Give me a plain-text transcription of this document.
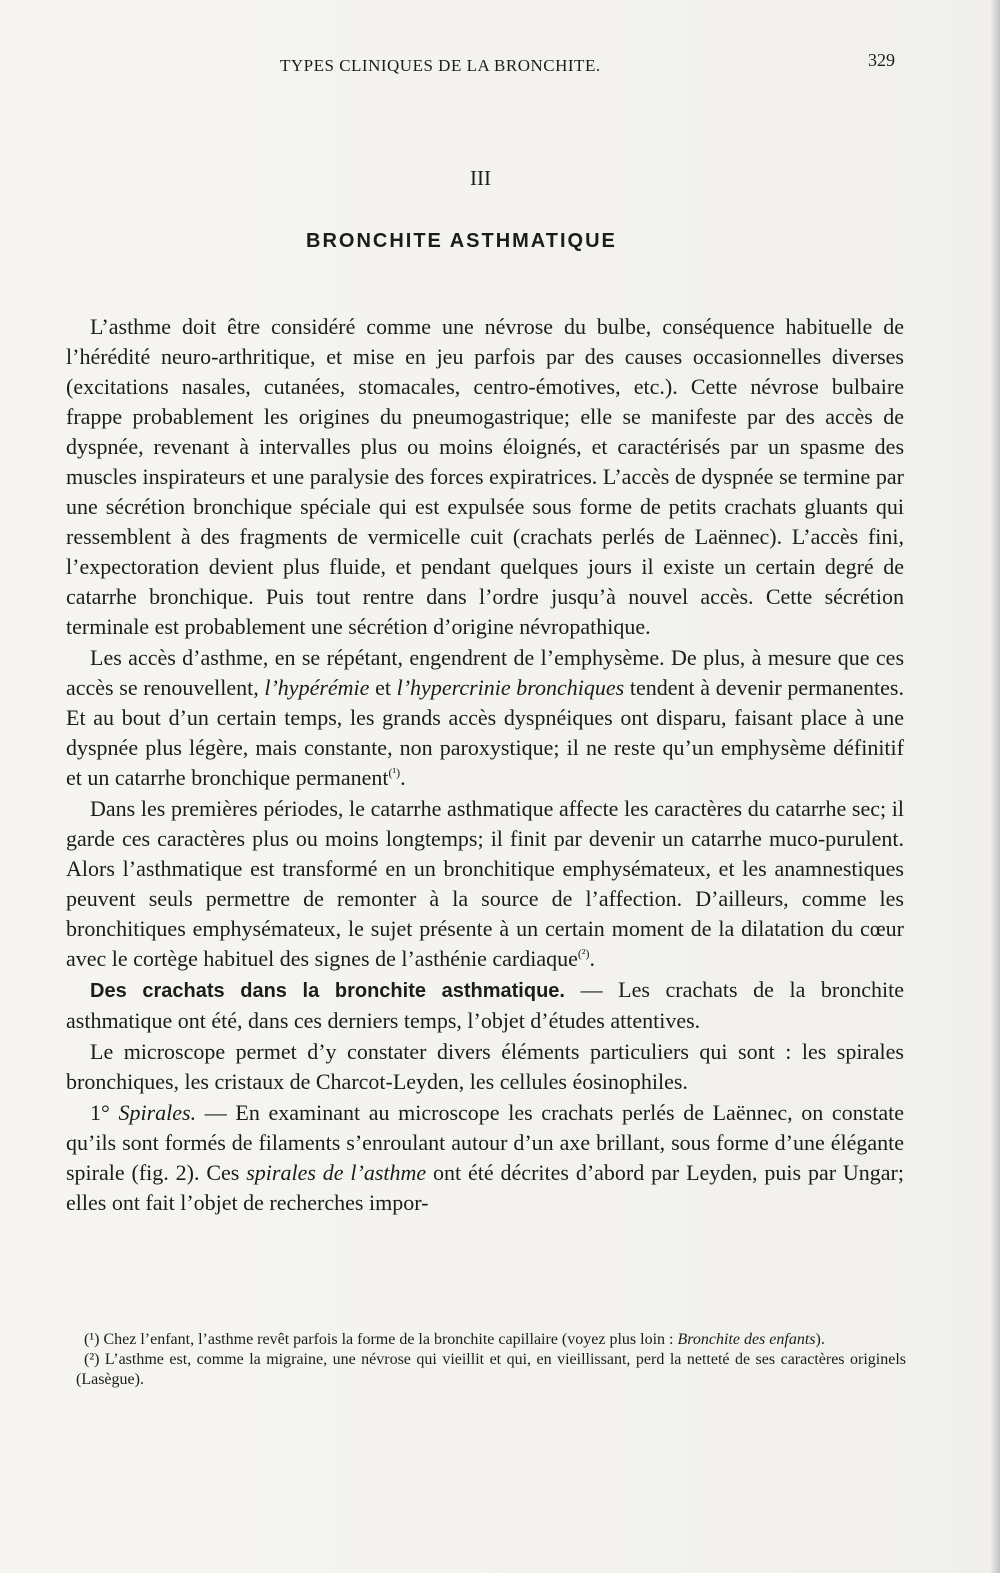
TYPES CLINIQUES DE LA BRONCHITE.	329
III
BRONCHITE ASTHMATIQUE

L’asthme doit être considéré comme une névrose du bulbe, conséquence habituelle de l’hérédité neuro-arthritique, et mise en jeu parfois par des causes occasionnelles diverses (excitations nasales, cutanées, stomacales, centro-émotives, etc.). Cette névrose bulbaire frappe probablement les origines du pneumogastrique; elle se manifeste par des accès de dyspnée, revenant à intervalles plus ou moins éloignés, et caractérisés par un spasme des muscles inspirateurs et une paralysie des forces expiratrices. L’accès de dyspnée se termine par une sécrétion bronchique spéciale qui est expulsée sous forme de petits crachats gluants qui ressemblent à des fragments de vermicelle cuit (crachats perlés de Laënnec). L’accès fini, l’expectoration devient plus fluide, et pendant quelques jours il existe un certain degré de catarrhe bronchique. Puis tout rentre dans l’ordre jusqu’à nouvel accès. Cette sécrétion terminale est probablement une sécrétion d’origine névropathique.

Les accès d’asthme, en se répétant, engendrent de l’emphysème. De plus, à mesure que ces accès se renouvellent, l’hypérémie et l’hypercrinie bronchiques tendent à devenir permanentes. Et au bout d’un certain temps, les grands accès dyspnéiques ont disparu, faisant place à une dyspnée plus légère, mais constante, non paroxystique; il ne reste qu’un emphysème définitif et un catarrhe bronchique permanent$^{(^1)}$.

Dans les premières périodes, le catarrhe asthmatique affecte les caractères du catarrhe sec; il garde ces caractères plus ou moins longtemps; il finit par devenir un catarrhe muco-purulent. Alors l’asthmatique est transformé en un bronchitique emphysémateux, et les anamnestiques peuvent seuls permettre de remonter à la source de l’affection. D’ailleurs, comme les bronchitiques emphysémateux, le sujet présente à un certain moment de la dilatation du cœur avec le cortège habituel des signes de l’asthénie cardiaque$^{(^2)}$.

Des crachats dans la bronchite asthmatique. — Les crachats de la bronchite asthmatique ont été, dans ces derniers temps, l’objet d’études attentives.

Le microscope permet d’y constater divers éléments particuliers qui sont : les spirales bronchiques, les cristaux de Charcot-Leyden, les cellules éosinophiles.

1° Spirales. — En examinant au microscope les crachats perlés de Laënnec, on constate qu’ils sont formés de filaments s’enroulant autour d’un axe brillant, sous forme d’une élégante spirale (fig. 2). Ces spirales de l’asthme ont été décrites d’abord par Leyden, puis par Ungar; elles ont fait l’objet de recherches impor-

(¹) Chez l’enfant, l’asthme revêt parfois la forme de la bronchite capillaire (voyez plus loin : Bronchite des enfants).

(²) L’asthme est, comme la migraine, une névrose qui vieillit et qui, en vieillissant, perd la netteté de ses caractères originels (Lasègue).
